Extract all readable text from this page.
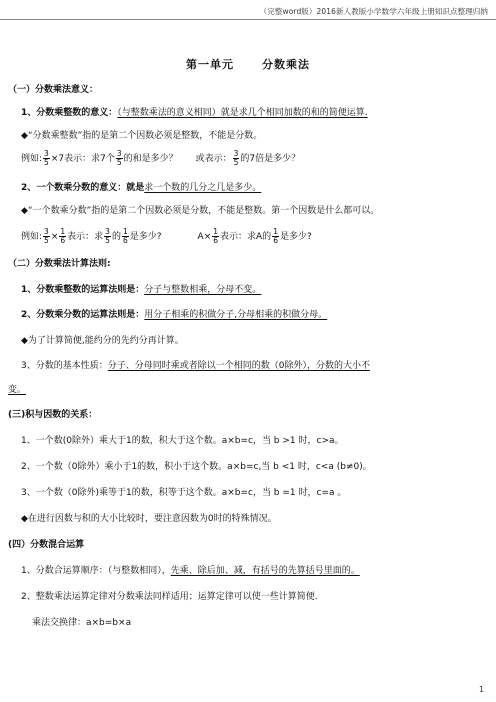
（完整word版）2016新人教版小学数学六年级上册知识点整理归纳
第一单元	分数乘法
（一）分数乘法意义：
1、分数乘整数的意义：（与整数乘法的意义相同）就是求几个相同加数的和的简便运算.
◆“分数乘整数”指的是第二个因数必须是整数，不能是分数。
例如: $\frac{3}{5} \times 7$表示：求7个 $\frac{3}{5}$ 的和是多少？ 或表示： $\frac{3}{5}$ 的7倍是多少？
2、一个数乘分数的意义：就是求一个数的几分之几是多少。
◆“一个数乘分数”指的是第二个因数必须是分数，不能是整数。第一个因数是什么都可以。
例如: $\frac{3}{5} \times \frac{1}{6}$ 表示：求 $\frac{3}{5}$ 的 $\frac{1}{6}$ 是多少?	$A\times \frac{1}{6}$ 表示：求A的 $\frac{1}{6}$ 是多少?
（二）分数乘法计算法则:
1、分数乘整数的运算法则是：分子与整数相乘，分母不变。
2、分数乘分数的运算法则是：用分子相乘的积做分子,分母相乘的积做分母。
◆为了计算简便,能约分的先约分再计算。
3、分数的基本性质：分子、分母同时乘或者除以一个相同的数（0除外），分数的大小不
变。
(三)积与因数的关系：
1、一个数(0除外）乘大于1的数，积大于这个数。a×b=c，当 b >1 时，c>a。
2、一个数（0除外）乘小于1的数，积小于这个数。a×b=c,当 b <1 时，c<a (b≠0)。
3、一个数（0除外)乘等于1的数，积等于这个数。a×b=c，当 b =1 时，c=a 。
◆在进行因数与积的大小比较时，要注意因数为0时的特殊情况。
(四）分数混合运算
1、分数合运算顺序：（与整数相同），先乘、除后加、减，有括号的先算括号里面的。
2、整数乘法运算定律对分数乘法同样适用；运算定律可以使一些计算简便.
乘法交换律：a×b=b×a
1
